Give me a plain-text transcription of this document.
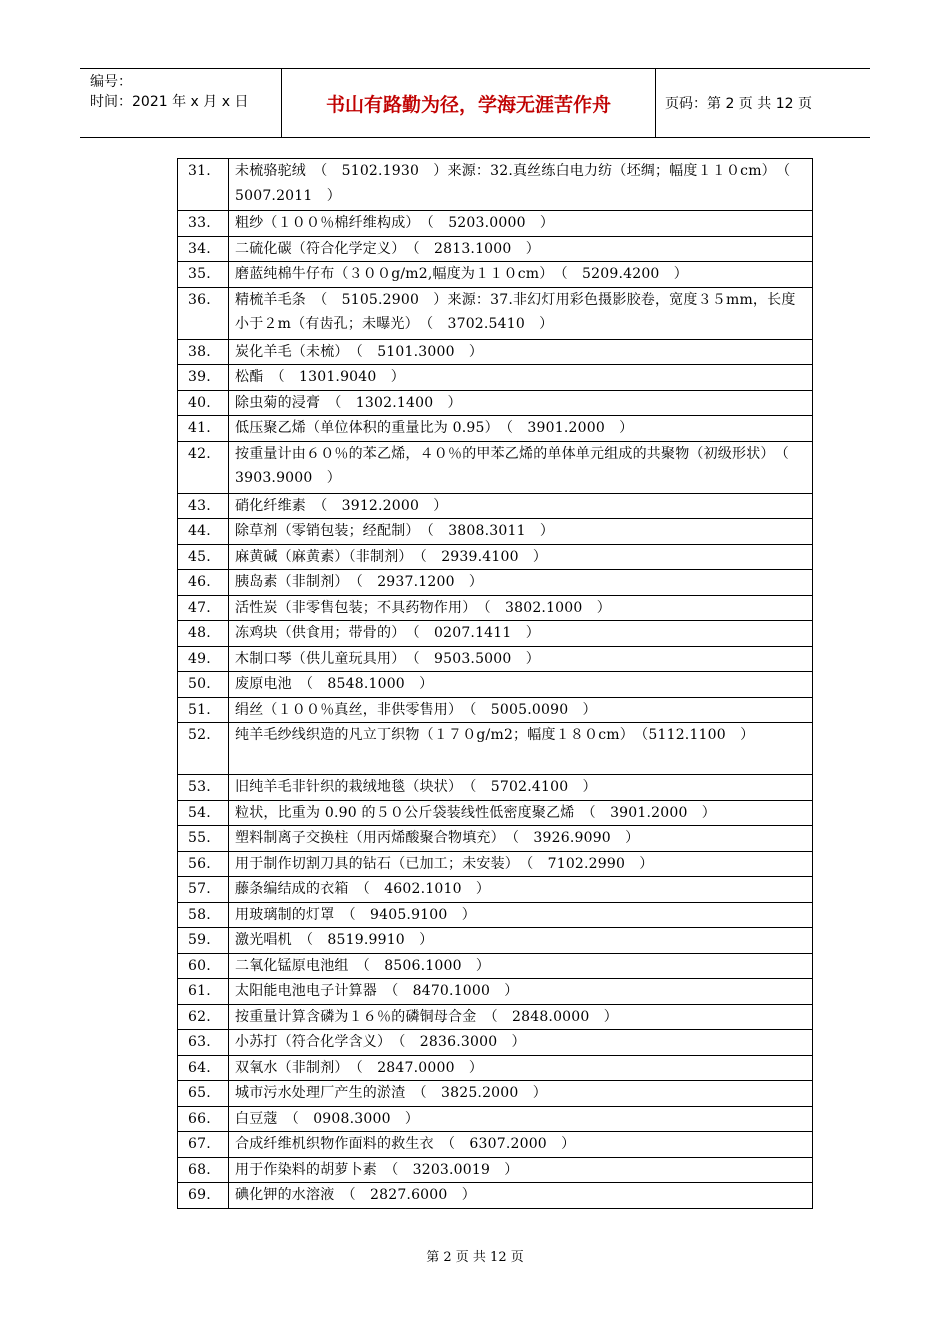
编号：
时间：2021 年 x 月 x 日	书山有路勤为径，学海无涯苦作舟	页码：第 2 页 共 12 页
31.	未梳骆驼绒　（　5102.1930　）来源：32.真丝练白电力纺（坯绸；幅度１１０cm）　（　5007.2011　）
33.	粗纱（１００％棉纤维构成）　（　5203.0000　）
34.	二硫化碳（符合化学定义）　（　2813.1000　）
35.	磨蓝纯棉牛仔布（３００g/m2,幅度为１１０cm）　（　5209.4200　）
36.	精梳羊毛条　（　5105.2900　）来源：37.非幻灯用彩色摄影胶卷，宽度３５mm，长度小于２m（有齿孔；未曝光）　（　3702.5410　）
38.	炭化羊毛（未梳）　（　5101.3000　）
39.	松酯　（　1301.9040　）
40.	除虫菊的浸膏　（　1302.1400　）
41.	低压聚乙烯（单位体积的重量比为 0.95）　（　3901.2000　）
42.	按重量计由６０％的苯乙烯，４０％的甲苯乙烯的单体单元组成的共聚物（初级形状）　（　3903.9000　）
43.	硝化纤维素　（　3912.2000　）
44.	除草剂（零销包装；经配制）　（　3808.3011　）
45.	麻黄碱（麻黄素）（非制剂）　（　2939.4100　）
46.	胰岛素（非制剂）　（　2937.1200　）
47.	活性炭（非零售包装；不具药物作用）　（　3802.1000　）
48.	冻鸡块（供食用；带骨的）　（　0207.1411　）
49.	木制口琴（供儿童玩具用）　（　9503.5000　）
50.	废原电池　（　8548.1000　）
51.	绢丝（１００％真丝，非供零售用）　（　5005.0090　）
52.	纯羊毛纱线织造的凡立丁织物（１７０g/m2；幅度１８０cm）　（5112.1100　）
53.	旧纯羊毛非针织的栽绒地毯（块状）　（　5702.4100　）
54.	粒状，比重为 0.90 的５０公斤袋装线性低密度聚乙烯　（　3901.2000　）
55.	塑料制离子交换柱（用丙烯酸聚合物填充）　（　3926.9090　）
56.	用于制作切割刀具的钻石（已加工；未安装）　（　7102.2990　）
57.	藤条编结成的衣箱　（　4602.1010　）
58.	用玻璃制的灯罩　（　9405.9100　）
59.	激光唱机　（　8519.9910　）
60.	二氧化锰原电池组　（　8506.1000　）
61.	太阳能电池电子计算器　（　8470.1000　）
62.	按重量计算含磷为１６％的磷铜母合金　（　2848.0000　）
63.	小苏打（符合化学含义）　（　2836.3000　）
64.	双氧水（非制剂）　（　2847.0000　）
65.	城市污水处理厂产生的淤渣　（　3825.2000　）
66.	白豆蔻　（　0908.3000　）
67.	合成纤维机织物作面料的救生衣　（　6307.2000　）
68.	用于作染料的胡萝卜素　（　3203.0019　）
69.	碘化钾的水溶液　（　2827.6000　）
第 2 页 共 12 页
